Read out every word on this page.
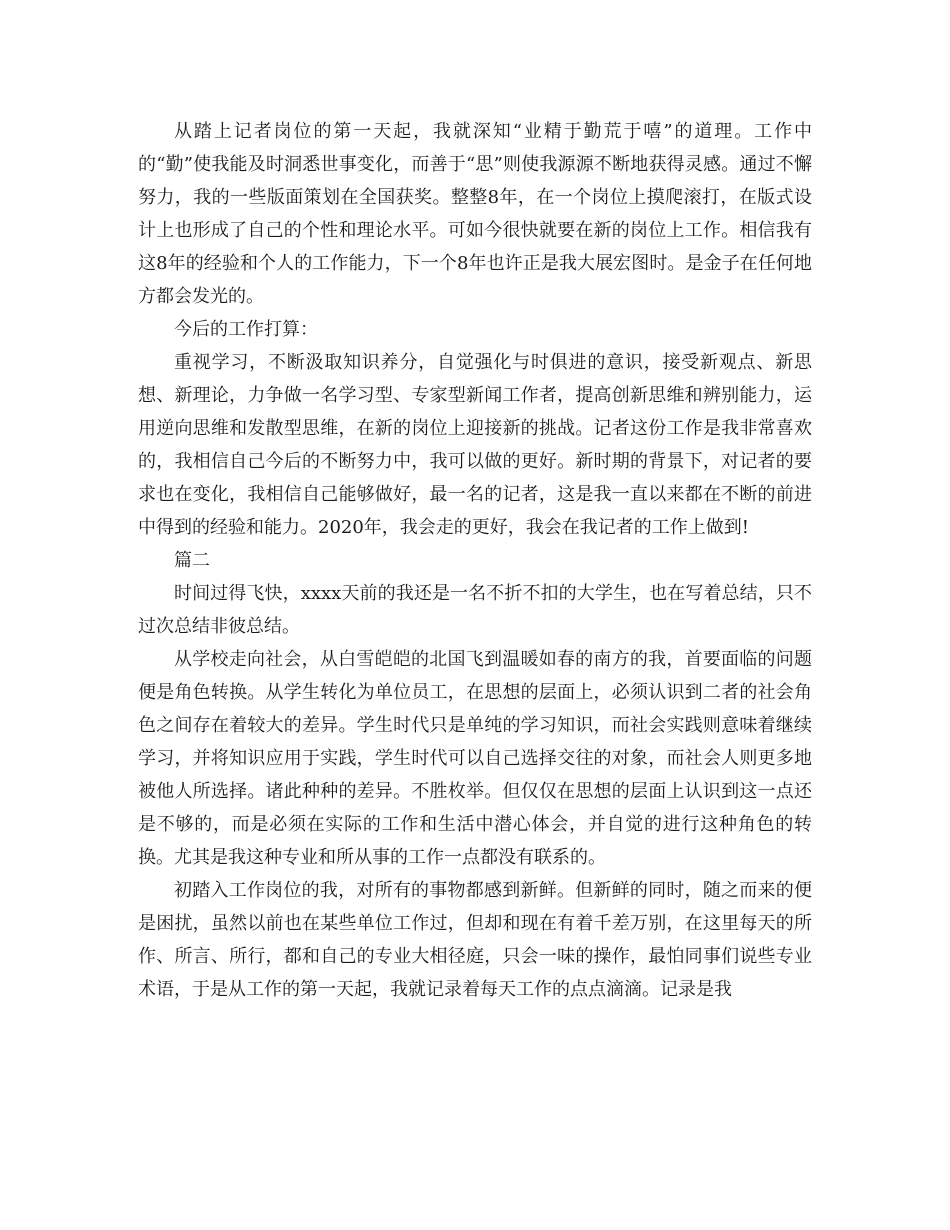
从踏上记者岗位的第一天起，我就深知“业精于勤荒于嘻”的道理。工作中的“勤”使我能及时洞悉世事变化，而善于“思”则使我源源不断地获得灵感。通过不懈努力，我的一些版面策划在全国获奖。整整8年，在一个岗位上摸爬滚打，在版式设计上也形成了自己的个性和理论水平。可如今很快就要在新的岗位上工作。相信我有这8年的经验和个人的工作能力，下一个8年也许正是我大展宏图时。是金子在任何地方都会发光的。

今后的工作打算：

重视学习，不断汲取知识养分，自觉强化与时俱进的意识，接受新观点、新思想、新理论，力争做一名学习型、专家型新闻工作者，提高创新思维和辨别能力，运用逆向思维和发散型思维，在新的岗位上迎接新的挑战。记者这份工作是我非常喜欢的，我相信自己今后的不断努力中，我可以做的更好。新时期的背景下，对记者的要求也在变化，我相信自己能够做好，最一名的记者，这是我一直以来都在不断的前进中得到的经验和能力。2020年，我会走的更好，我会在我记者的工作上做到!

篇二

时间过得飞快，xxxx天前的我还是一名不折不扣的大学生，也在写着总结，只不过次总结非彼总结。

从学校走向社会，从白雪皑皑的北国飞到温暖如春的南方的我，首要面临的问题便是角色转换。从学生转化为单位员工，在思想的层面上，必须认识到二者的社会角色之间存在着较大的差异。学生时代只是单纯的学习知识，而社会实践则意味着继续学习，并将知识应用于实践，学生时代可以自己选择交往的对象，而社会人则更多地被他人所选择。诸此种种的差异。不胜枚举。但仅仅在思想的层面上认识到这一点还是不够的，而是必须在实际的工作和生活中潜心体会，并自觉的进行这种角色的转换。尤其是我这种专业和所从事的工作一点都没有联系的。

初踏入工作岗位的我，对所有的事物都感到新鲜。但新鲜的同时，随之而来的便是困扰，虽然以前也在某些单位工作过，但却和现在有着千差万别，在这里每天的所作、所言、所行，都和自己的专业大相径庭，只会一味的操作，最怕同事们说些专业术语，于是从工作的第一天起，我就记录着每天工作的点点滴滴。记录是我
